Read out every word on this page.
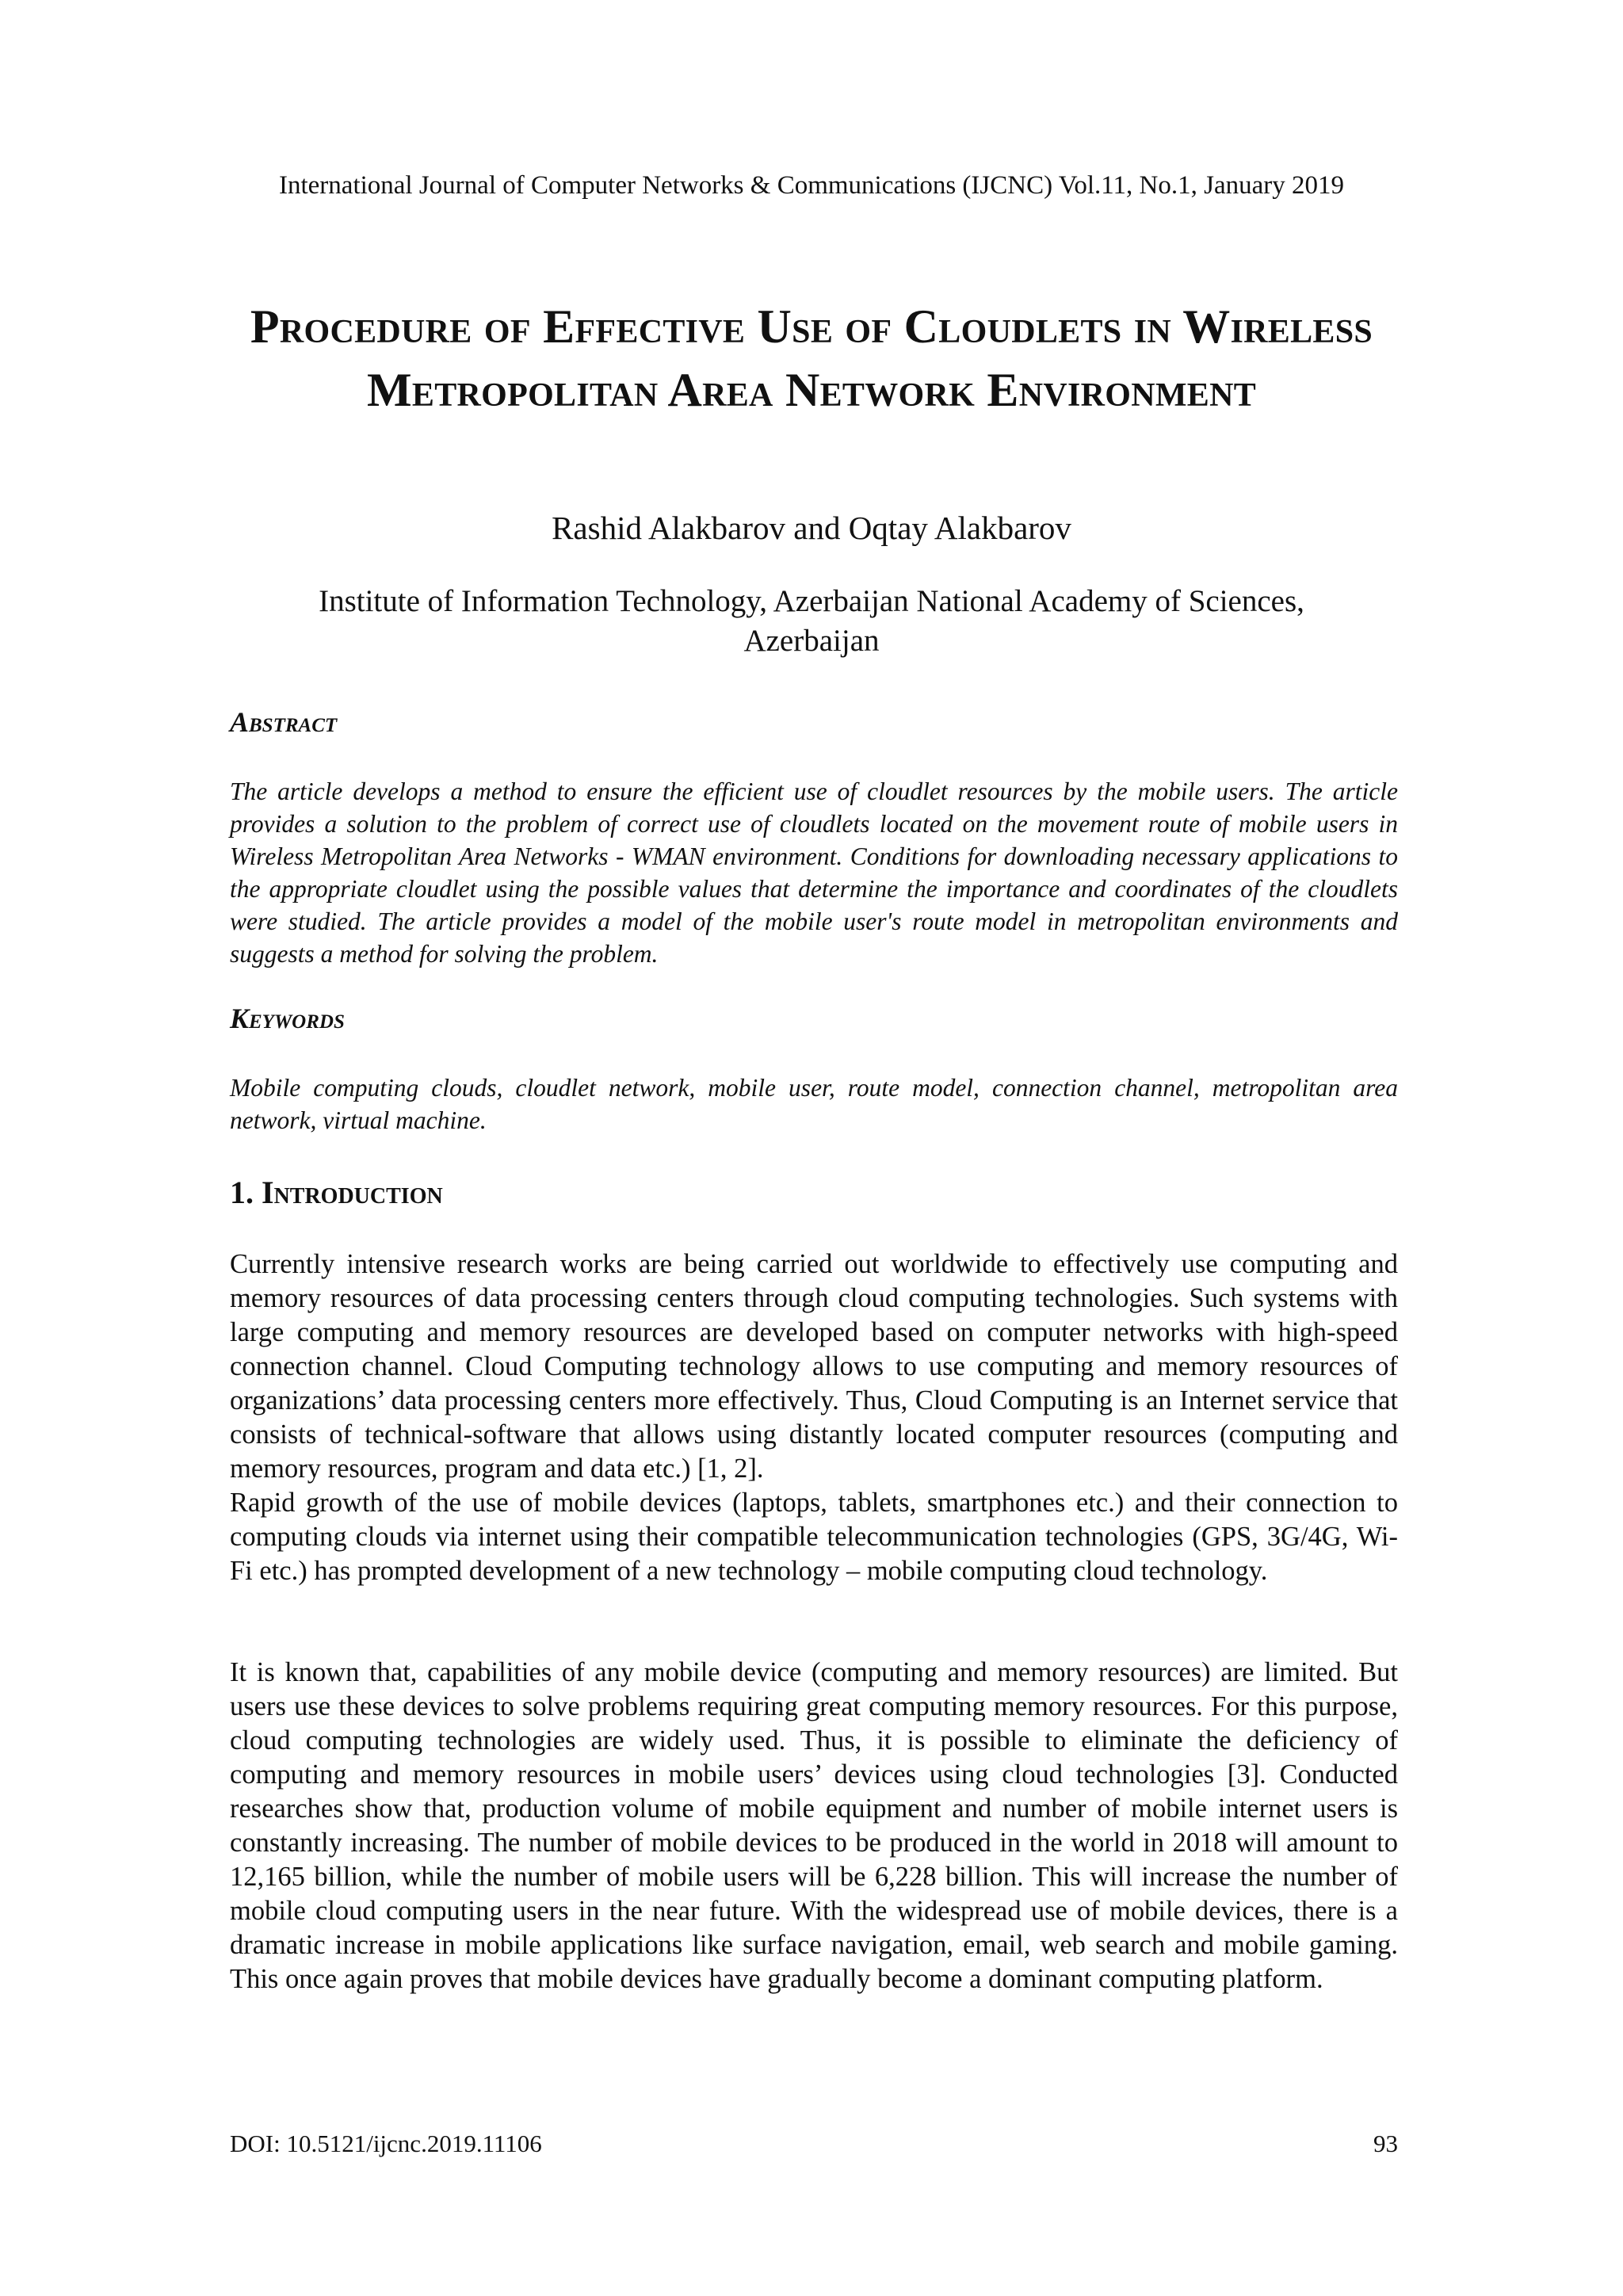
International Journal of Computer Networks & Communications (IJCNC) Vol.11, No.1, January 2019
Procedure of Effective Use of Cloudlets in Wireless Metropolitan Area Network Environment
Rashid Alakbarov and Oqtay Alakbarov
Institute of Information Technology, Azerbaijan National Academy of Sciences, Azerbaijan
Abstract
The article develops a method to ensure the efficient use of cloudlet resources by the mobile users. The article provides a solution to the problem of correct use of cloudlets located on the movement route of mobile users in Wireless Metropolitan Area Networks - WMAN environment. Conditions for downloading necessary applications to the appropriate cloudlet using the possible values that determine the importance and coordinates of the cloudlets were studied. The article provides a model of the mobile user's route model in metropolitan environments and suggests a method for solving the problem.
Keywords
Mobile computing clouds, cloudlet network, mobile user, route model, connection channel, metropolitan area network, virtual machine.
1. Introduction
Currently intensive research works are being carried out worldwide to effectively use computing and memory resources of data processing centers through cloud computing technologies. Such systems with large computing and memory resources are developed based on computer networks with high-speed connection channel. Cloud Computing technology allows to use computing and memory resources of organizations’ data processing centers more effectively. Thus, Cloud Computing is an Internet service that consists of technical-software that allows using distantly located computer resources (computing and memory resources, program and data etc.) [1, 2].
Rapid growth of the use of mobile devices (laptops, tablets, smartphones etc.) and their connection to computing clouds via internet using their compatible telecommunication technologies (GPS, 3G/4G, Wi-Fi etc.) has prompted development of a new technology – mobile computing cloud technology.
It is known that, capabilities of any mobile device (computing and memory resources) are limited. But users use these devices to solve problems requiring great computing memory resources. For this purpose, cloud computing technologies are widely used. Thus, it is possible to eliminate the deficiency of computing and memory resources in mobile users’ devices using cloud technologies [3]. Conducted researches show that, production volume of mobile equipment and number of mobile internet users is constantly increasing. The number of mobile devices to be produced in the world in 2018 will amount to 12,165 billion, while the number of mobile users will be 6,228 billion. This will increase the number of mobile cloud computing users in the near future. With the widespread use of mobile devices, there is a dramatic increase in mobile applications like surface navigation, email, web search and mobile gaming. This once again proves that mobile devices have gradually become a dominant computing platform.
DOI: 10.5121/ijcnc.2019.11106	93
